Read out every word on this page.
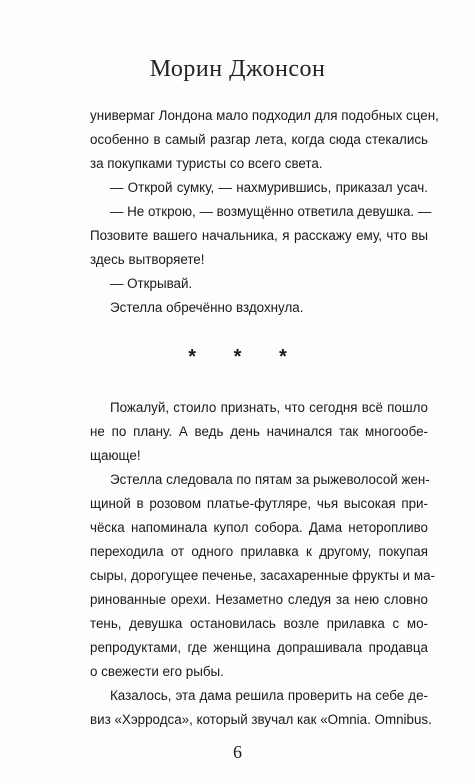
Морин Джонсон
универмаг Лондона мало подходил для подобных сцен,
особенно в самый разгар лета, когда сюда стекались
за покупками туристы со всего света.
— Открой сумку, — нахмурившись, приказал усач.
— Не открою, — возмущённо ответила девушка. —
Позовите вашего начальника, я расскажу ему, что вы
здесь вытворяете!
— Открывай.
Эстелла обречённо вздохнула.
Пожалуй, стоило признать, что сегодня всё пошло
не по плану. А ведь день начинался так многообе-
щающе!
Эстелла следовала по пятам за рыжеволосой жен-
щиной в розовом платье-футляре, чья высокая при-
чёска напоминала купол собора. Дама неторопливо
переходила от одного прилавка к другому, покупая
сыры, дорогущее печенье, засахаренные фрукты и ма-
ринованные орехи. Незаметно следуя за нею словно
тень, девушка остановилась возле прилавка с мо-
репродуктами, где женщина допрашивала продавца
о свежести его рыбы.
Казалось, эта дама решила проверить на себе де-
виз «Хэрродса», который звучал как «Omnia. Omnibus.
* * *
6
